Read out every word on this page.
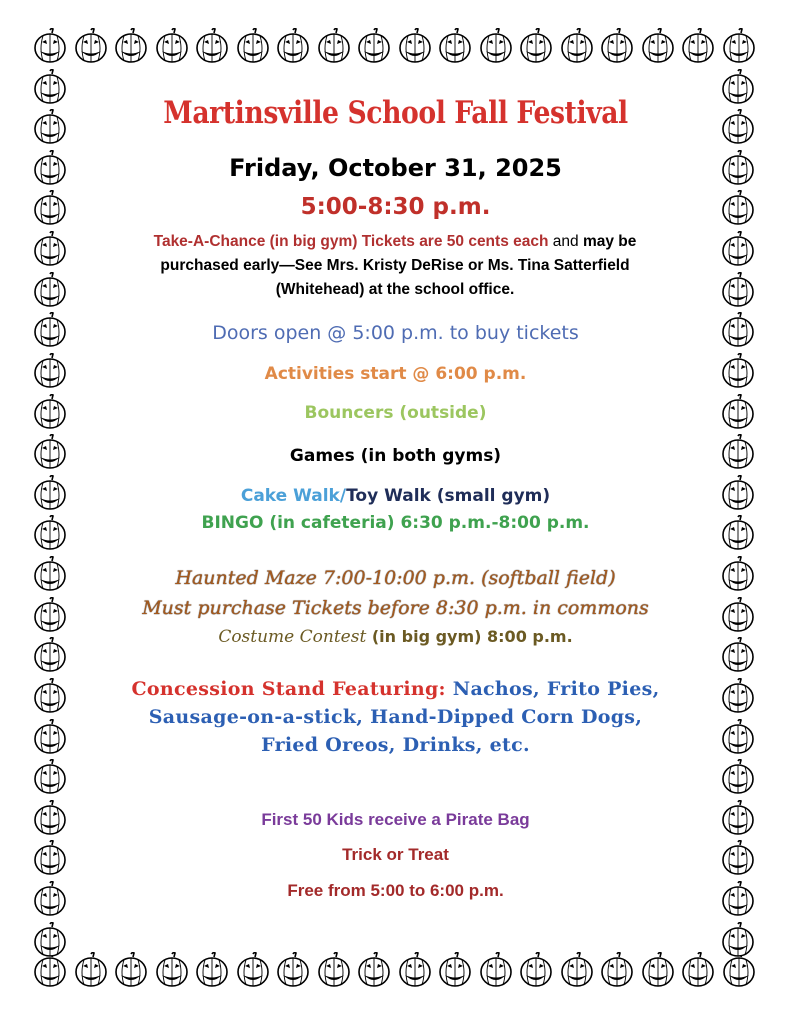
Martinsville School Fall Festival
Friday, October 31, 2025
5:00-8:30 p.m.
Take-A-Chance (in big gym) Tickets are 50 cents each and may be purchased early—See Mrs. Kristy DeRise or Ms. Tina Satterfield (Whitehead) at the school office.
Doors open @ 5:00 p.m. to buy tickets
Activities start @ 6:00 p.m.
Bouncers (outside)
Games (in both gyms)
Cake Walk/Toy Walk (small gym)
BINGO (in cafeteria) 6:30 p.m.-8:00 p.m.
Haunted Maze 7:00-10:00 p.m. (softball field)
Must purchase Tickets before 8:30 p.m. in commons
Costume Contest (in big gym) 8:00 p.m.
Concession Stand Featuring: Nachos, Frito Pies,
Sausage-on-a-stick, Hand-Dipped Corn Dogs,
Fried Oreos, Drinks, etc.
First 50 Kids receive a Pirate Bag
Trick or Treat
Free from 5:00 to 6:00 p.m.
